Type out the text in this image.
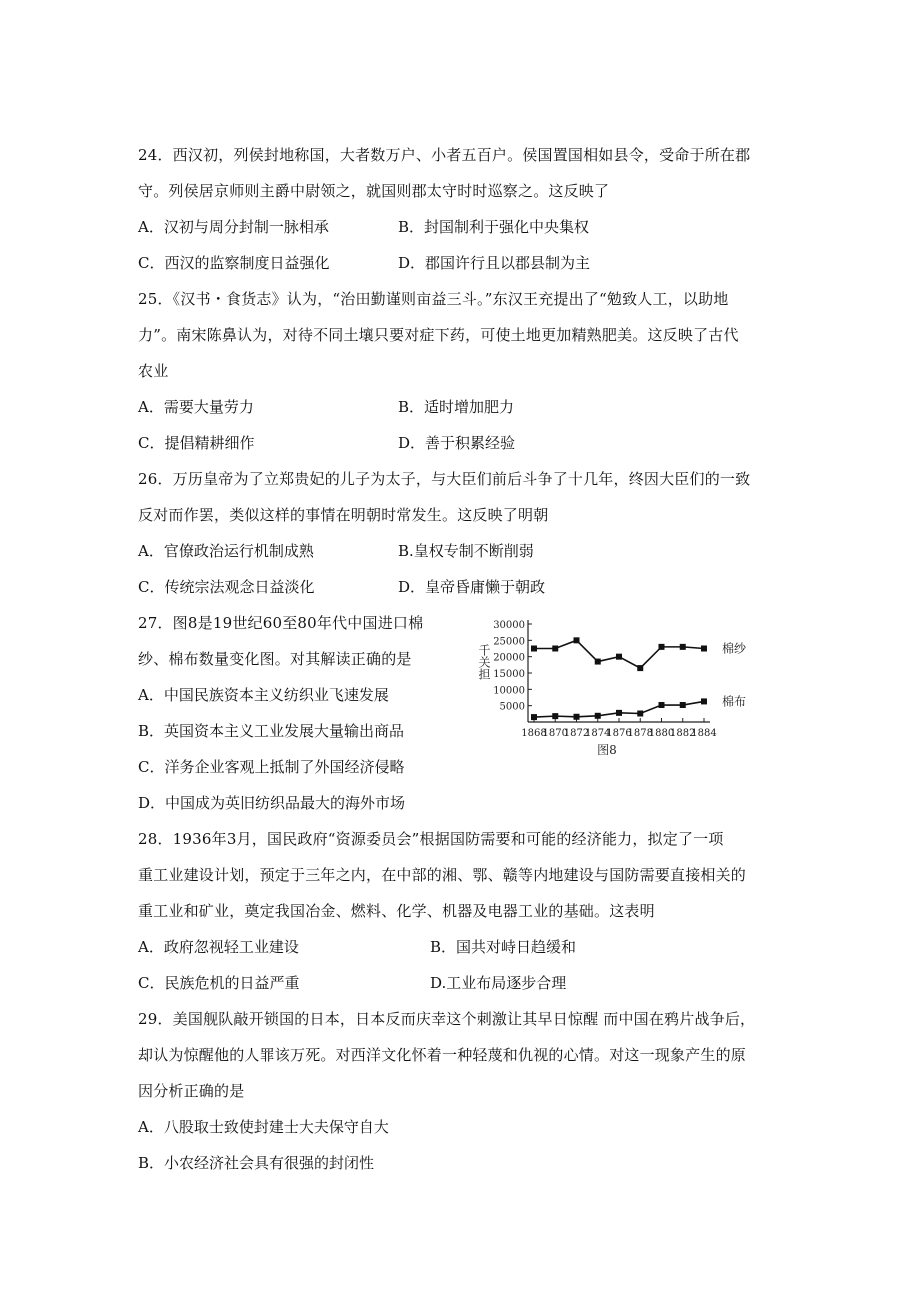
24．西汉初，列侯封地称国，大者数万户、小者五百户。侯国置国相如县令，受命于所在郡
守。列侯居京师则主爵中尉领之，就国则郡太守时时巡察之。这反映了
A．汉初与周分封制一脉相承	B．封国制利于强化中央集权
C．西汉的监察制度日益强化	D．郡国许行且以郡县制为主
25．《汉书・食货志》认为，“治田勤谨则亩益三斗。”东汉王充提出了“勉致人工，以助地
力”。南宋陈鼻认为，对待不同土壤只要对症下药，可使土地更加精熟肥美。这反映了古代
农业
A．需要大量劳力	B．适时增加肥力
C．提倡精耕细作	D．善于积累经验
26．万历皇帝为了立郑贵妃的儿子为太子，与大臣们前后斗争了十几年，终因大臣们的一致
反对而作罢，类似这样的事情在明朝时常发生。这反映了明朝
A．官僚政治运行机制成熟	B.皇权专制不断削弱
C．传统宗法观念日益淡化	D．皇帝昏庸懒于朝政
27．图8是19世纪60至80年代中国进口棉
纱、棉布数量变化图。对其解读正确的是
A．中国民族资本主义纺织业飞速发展
B．英国资本主义工业发展大量输出商品
C．洋务企业客观上抵制了外国经济侵略
D．中国成为英旧纺织品最大的海外市场
30000
25000
20000
15000
10000
5000
千关担
1868
1870
1872
1874
1876
1878
1880
1882
1884
棉纱
棉布
图8
28．1936年3月，国民政府“资源委员会”根据国防需要和可能的经济能力，拟定了一项
重工业建设计划，预定于三年之内，在中部的湘、鄂、赣等内地建设与国防需要直接相关的
重工业和矿业，奠定我国冶金、燃料、化学、机器及电器工业的基础。这表明
A．政府忽视轻工业建设	B．国共对峙日趋缓和
C．民族危机的日益严重	D.工业布局逐步合理
29．美国舰队敲开锁国的日本，日本反而庆幸这个刺激让其早日惊醒 而中国在鸦片战争后，
却认为惊醒他的人罪该万死。对西洋文化怀着一种轻蔑和仇视的心情。对这一现象产生的原
因分析正确的是
A．八股取士致使封建士大夫保守自大
B．小农经济社会具有很强的封闭性
